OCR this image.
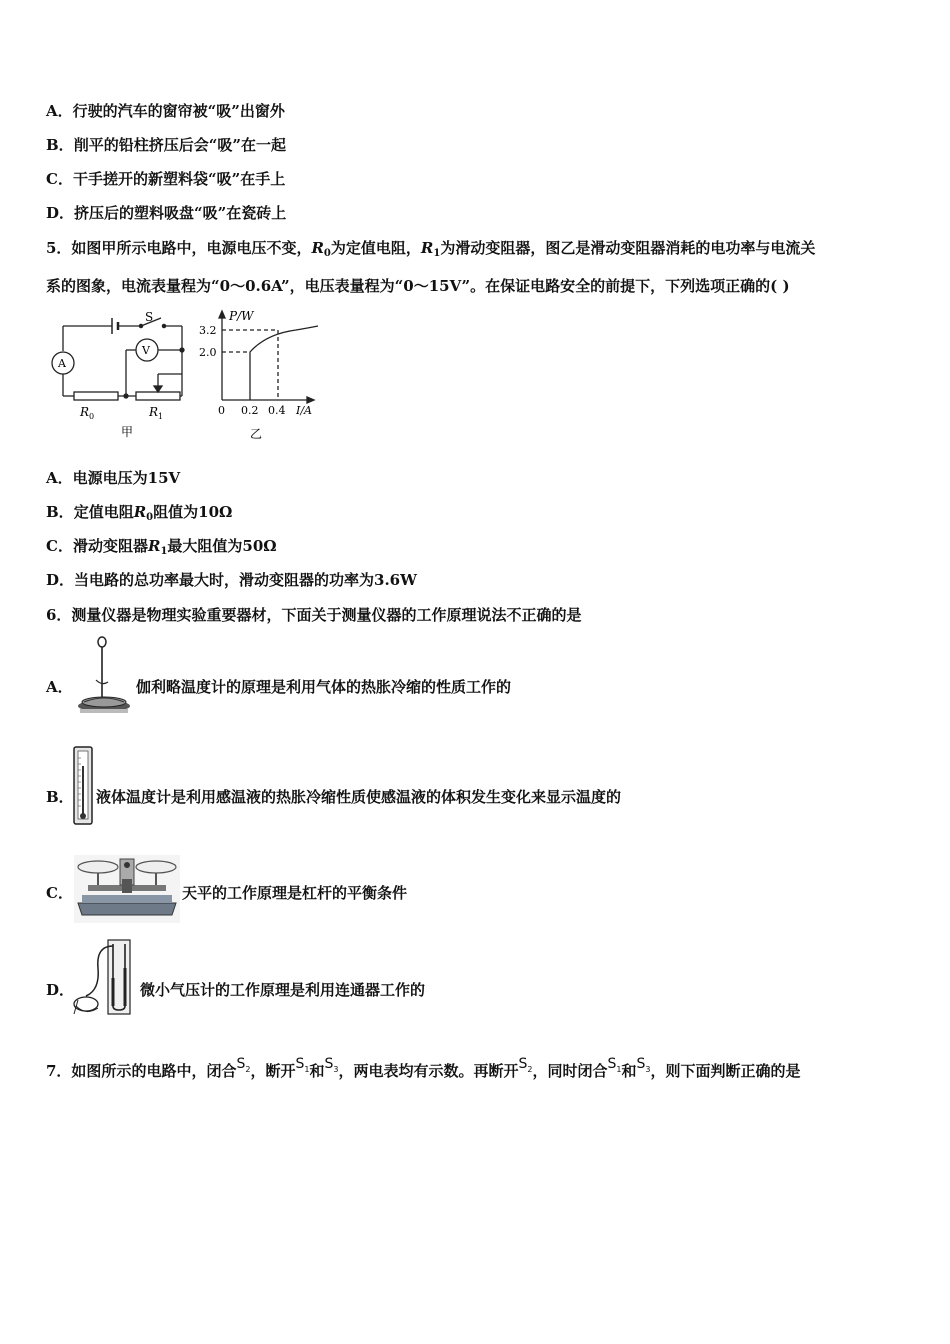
A．行驶的汽车的窗帘被“吸”出窗外
B．削平的铅柱挤压后会“吸”在一起
C．干手搓开的新塑料袋“吸”在手上
D．挤压后的塑料吸盘“吸”在瓷砖上
5．如图甲所示电路中，电源电压不变，$R_0$为定值电阻，$R_1$为滑动变阻器，图乙是滑动变阻器消耗的电功率与电流关
系的图象，电流表量程为“0～0.6A”，电压表量程为“0～15V”。在保证电路安全的前提下，下列选项正确的( )
S
V
A
R 0	R 1
甲
P/W
3.2
2.0
0 0.2 0.4 I/A
乙
A．电源电压为15V
B．定值电阻$R_0$阻值为10Ω
C．滑动变阻器$R_1$最大阻值为50Ω
D．当电路的总功率最大时，滑动变阻器的功率为3.6W
6．测量仪器是物理实验重要器材，下面关于测量仪器的工作原理说法不正确的是
A．	伽利略温度计的原理是利用气体的热胀冷缩的性质工作的
B． 液体温度计是利用感温液的热胀冷缩性质使感温液的体积发生变化来显示温度的
C．	天平的工作原理是杠杆的平衡条件
D．	微小气压计的工作原理是利用连通器工作的
7．如图所示的电路中，闭合$S_2$，断开$S_1$和$S_3$，两电表均有示数。再断开$S_2$，同时闭合$S_1$和$S_3$，则下面判断正确的是
